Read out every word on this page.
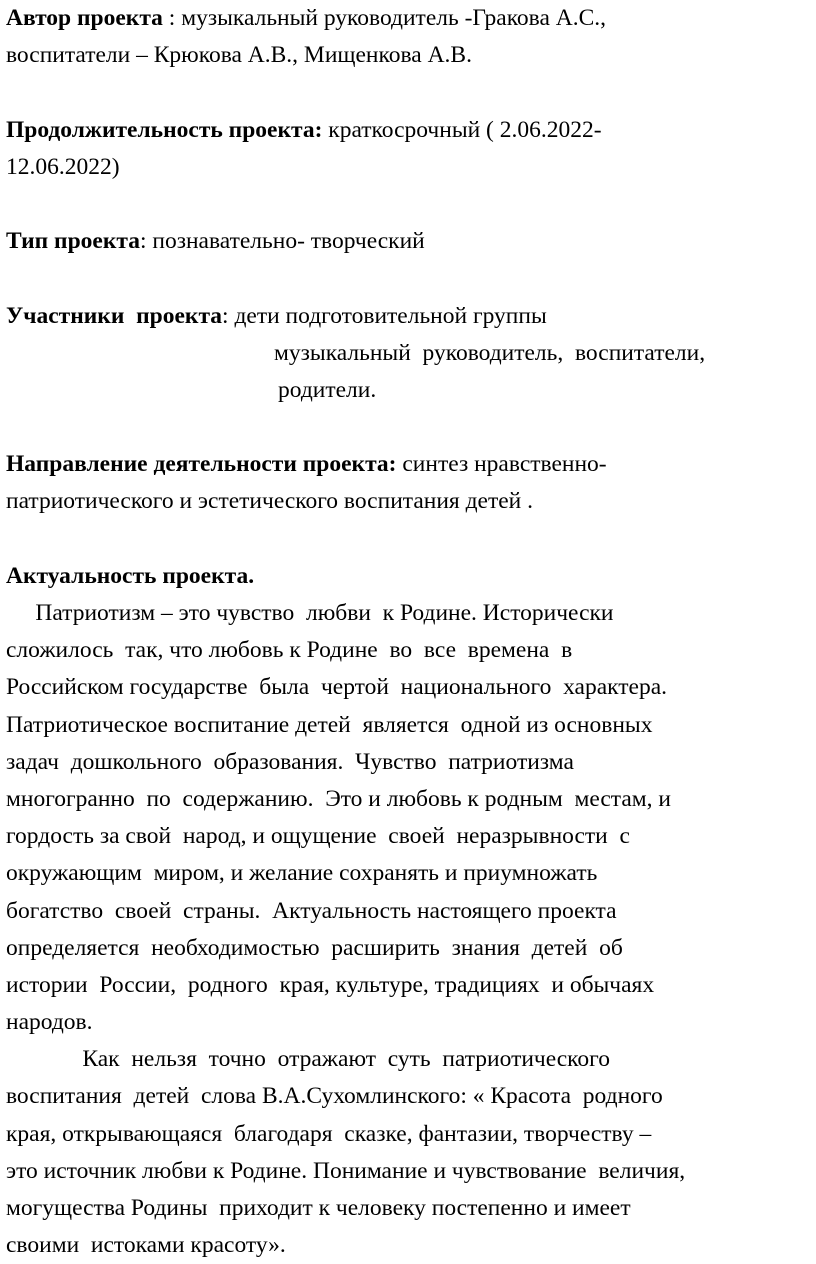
Автор проекта : музыкальный руководитель -Гракова А.С.,
воспитатели – Крюкова А.В., Мищенкова А.В.
Продолжительность проекта: краткосрочный ( 2.06.2022-
12.06.2022)
Тип проекта: познавательно- творческий
Участники  проекта: дети подготовительной группы
музыкальный  руководитель,  воспитатели,
родители.
Направление деятельности проекта: синтез нравственно-
патриотического и эстетического воспитания детей .
Актуальность проекта.
Патриотизм – это чувство  любви  к Родине. Исторически
сложилось  так, что любовь к Родине  во  все  времена  в
Российском государстве  была  чертой  национального  характера.
Патриотическое воспитание детей  является  одной из основных
задач  дошкольного  образования.  Чувство  патриотизма
многогранно  по  содержанию.  Это и любовь к родным  местам, и
гордость за свой  народ, и ощущение  своей  неразрывности  с
окружающим  миром, и желание сохранять и приумножать
богатство  своей  страны.  Актуальность настоящего проекта
определяется  необходимостью  расширить  знания  детей  об
истории  России,  родного  края, культуре, традициях  и обычаях
народов.
Как  нельзя  точно  отражают  суть  патриотического
воспитания  детей  слова В.А.Сухомлинского: « Красота  родного
края, открывающаяся  благодаря  сказке, фантазии, творчеству –
это источник любви к Родине. Понимание и чувствование  величия,
могущества Родины  приходит к человеку постепенно и имеет
своими  истоками красоту».
